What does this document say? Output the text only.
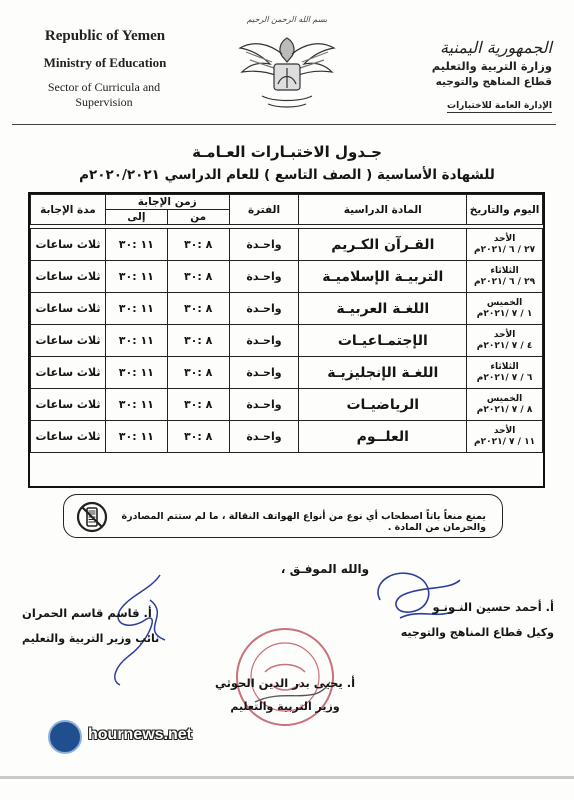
Republic of Yemen
Ministry of Education
Sector of Curricula and Supervision
بسم الله الرحمن الرحيم
الجمهورية اليمنية
وزارة التربية والتعليم
قطاع المناهج والتوجيه
الإدارة العامة للاختبارات
جـدول الاختبـارات العـامـة
للشهادة الأساسية ( الصف التاسع ) للعام الدراسي ٢٠٢٠/٢٠٢١م
اليوم والتاريخ	المادة الدراسية	الفترة	زمن الإجابة		مدة الإجابة
			من	إلى	

الأحد
٢٧ / ٦ /٢٠٢١م	القـرآن الكـريم	واحـدة	٨ :٣٠	١١ :٣٠	ثلاث ساعات

الثلاثاء
٢٩ / ٦ /٢٠٢١م	التربيـة الإسلاميـة	واحـدة	٨ :٣٠	١١ :٣٠	ثلاث ساعات

الخميس
١ / ٧ /٢٠٢١م	اللغـة العربيـة	واحـدة	٨ :٣٠	١١ :٣٠	ثلاث ساعات

الأحد
٤ / ٧ /٢٠٢١م	الإجتمـاعيـات	واحـدة	٨ :٣٠	١١ :٣٠	ثلاث ساعات

الثلاثاء
٦ / ٧ /٢٠٢١م	اللغـة الإنجليزيـة	واحـدة	٨ :٣٠	١١ :٣٠	ثلاث ساعات

الخميس
٨ / ٧ /٢٠٢١م	الرياضيـات	واحـدة	٨ :٣٠	١١ :٣٠	ثلاث ساعات

الأحد
١١ / ٧ /٢٠٢١م	العلــوم	واحـدة	٨ :٣٠	١١ :٣٠	ثلاث ساعات
يمنع منعاً باتاً اصطحاب أي نوع من أنواع الهواتف النقالة ، ما لم ستتم المصادرة والحرمان من المادة .
والله الموفـق ،
أ. أحمد حسين النـونـو
وكيل قطاع المناهج والتوجيه
أ. قاسم قاسم الحمران
نائب وزير التربية والتعليم
أ. يحيى بدر الدين الحوثي
وزير التربية والتعليم
hournews.net
